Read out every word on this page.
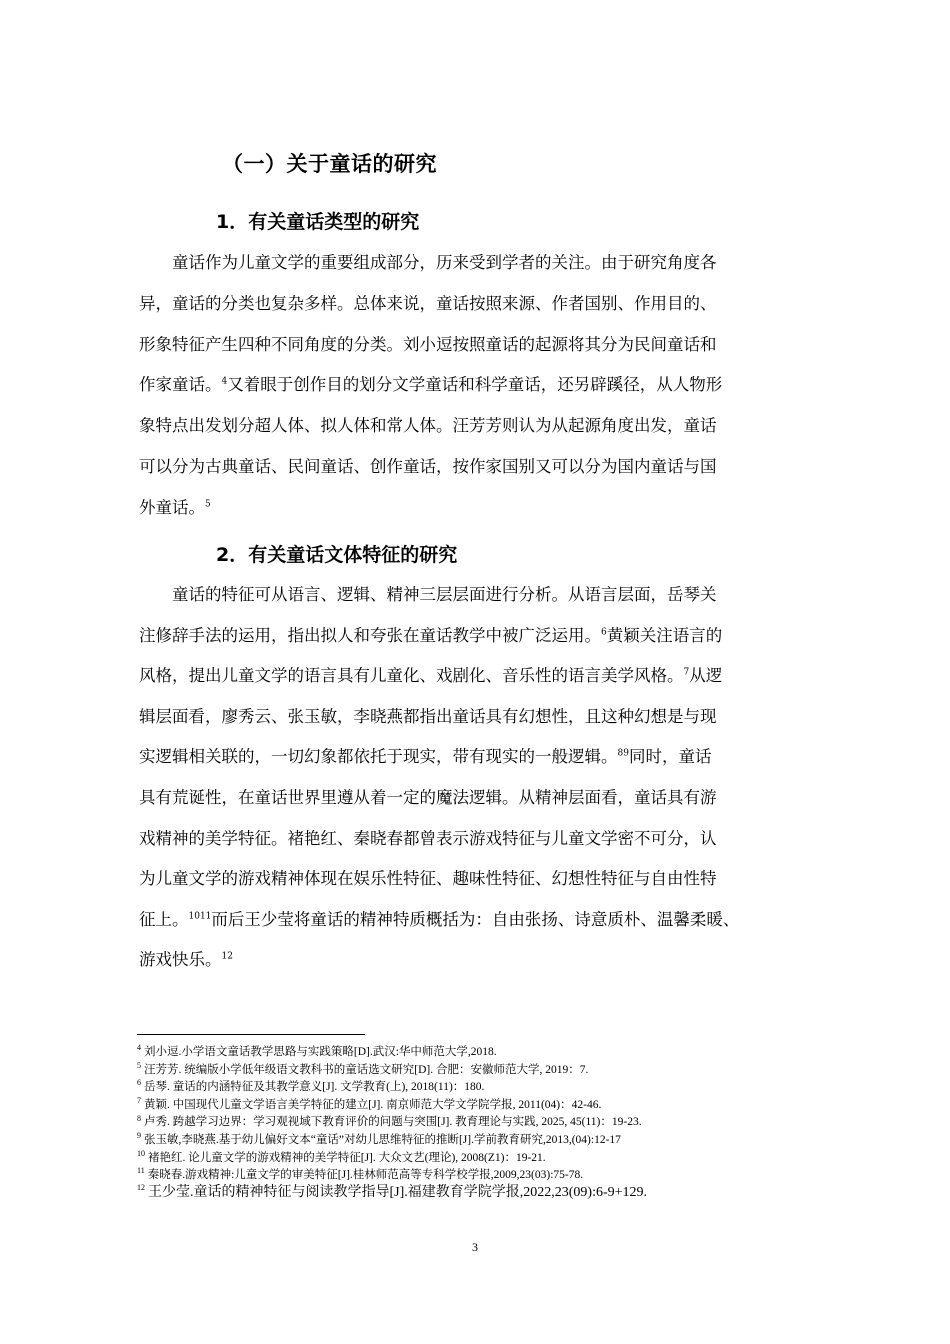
（一）关于童话的研究
1．有关童话类型的研究
　　童话作为儿童文学的重要组成部分，历来受到学者的关注。由于研究角度各
异，童话的分类也复杂多样。总体来说，童话按照来源、作者国别、作用目的、
形象特征产生四种不同角度的分类。刘小逗按照童话的起源将其分为民间童话和
作家童话。$^4$又着眼于创作目的划分文学童话和科学童话，还另辟蹊径，从人物形
象特点出发划分超人体、拟人体和常人体。汪芳芳则认为从起源角度出发，童话
可以分为古典童话、民间童话、创作童话，按作家国别又可以分为国内童话与国
外童话。$^5$
2．有关童话文体特征的研究
　　童话的特征可从语言、逻辑、精神三层层面进行分析。从语言层面，岳琴关
注修辞手法的运用，指出拟人和夸张在童话教学中被广泛运用。$^6$黄颖关注语言的
风格，提出儿童文学的语言具有儿童化、戏剧化、音乐性的语言美学风格。$^7$从逻
辑层面看，廖秀云、张玉敏，李晓燕都指出童话具有幻想性，且这种幻想是与现
实逻辑相关联的，一切幻象都依托于现实，带有现实的一般逻辑。$^{89}$同时，童话
具有荒诞性，在童话世界里遵从着一定的魔法逻辑。从精神层面看，童话具有游
戏精神的美学特征。褚艳红、秦晓春都曾表示游戏特征与儿童文学密不可分，认
为儿童文学的游戏精神体现在娱乐性特征、趣味性特征、幻想性特征与自由性特
征上。$^{1011}$而后王少莹将童话的精神特质概括为：自由张扬、诗意质朴、温馨柔暖、
游戏快乐。$^{12}$
$^4$ 刘小逗.小学语文童话教学思路与实践策略[D].武汉:华中师范大学,2018.
$^5$ 汪芳芳. 统编版小学低年级语文教科书的童话选文研究[D]. 合肥：安徽师范大学, 2019：7.
$^6$ 岳琴. 童话的内涵特征及其教学意义[J]. 文学教育(上), 2018(11)：180.
$^7$ 黄颖. 中国现代儿童文学语言美学特征的建立[J]. 南京师范大学文学院学报, 2011(04)：42-46.
$^8$ 卢秀. 跨越学习边界：学习观视域下教育评价的问题与突围[J]. 教育理论与实践, 2025, 45(11)：19-23.
$^9$ 张玉敏,李晓燕.基于幼儿偏好文本“童话”对幼儿思维特征的推断[J].学前教育研究,2013,(04):12-17
$^{10}$ 褚艳红. 论儿童文学的游戏精神的美学特征[J]. 大众文艺(理论), 2008(Z1)：19-21.
$^{11}$ 秦晓春.游戏精神:儿童文学的审美特征[J].桂林师范高等专科学校学报,2009,23(03):75-78.
$^{12}$ 王少莹.童话的精神特征与阅读教学指导[J].福建教育学院学报,2022,23(09):6-9+129.
3
